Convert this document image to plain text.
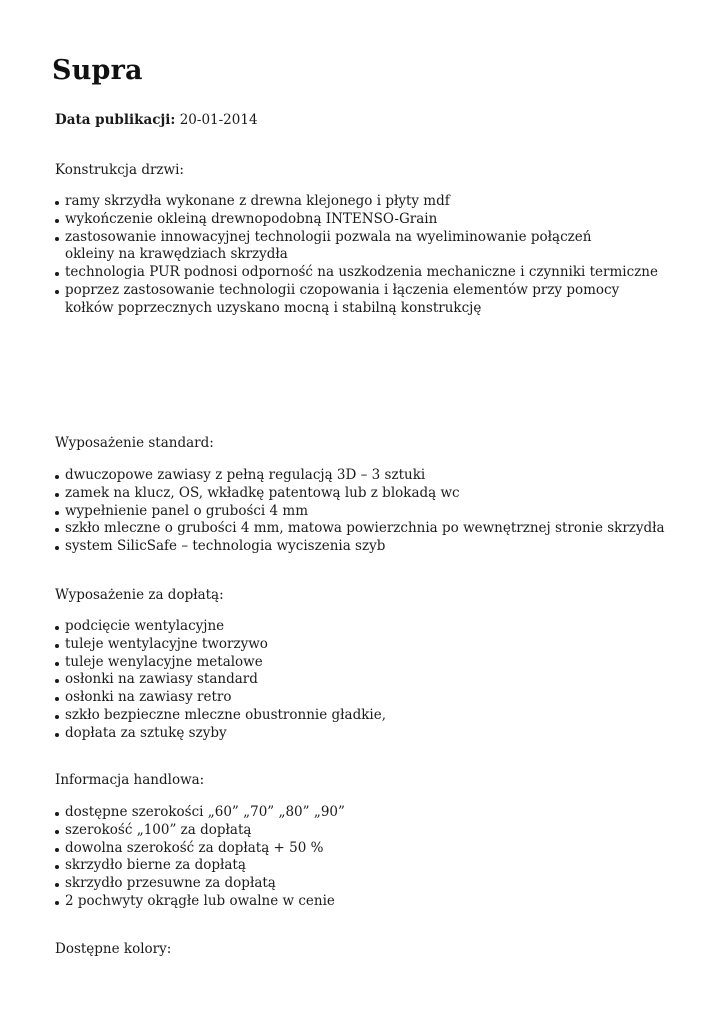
Supra
Data publikacji: 20-01-2014
Konstrukcja drzwi:
ramy skrzydła wykonane z drewna klejonego i płyty mdf
wykończenie okleiną drewnopodobną INTENSO-Grain
zastosowanie innowacyjnej technologii pozwala na wyeliminowanie połączeń okleiny na krawędziach skrzydła
technologia PUR podnosi odporność na uszkodzenia mechaniczne i czynniki termiczne
poprzez zastosowanie technologii czopowania i łączenia elementów przy pomocy kołków poprzecznych uzyskano mocną i stabilną konstrukcję
Wyposażenie standard:
dwuczopowe zawiasy z pełną regulacją 3D – 3 sztuki
zamek na klucz, OS, wkładkę patentową lub z blokadą wc
wypełnienie panel o grubości 4 mm
szkło mleczne o grubości 4 mm, matowa powierzchnia po wewnętrznej stronie skrzydła
system SilicSafe – technologia wyciszenia szyb
Wyposażenie za dopłatą:
podcięcie wentylacyjne
tuleje wentylacyjne tworzywo
tuleje wenylacyjne metalowe
osłonki na zawiasy standard
osłonki na zawiasy retro
szkło bezpieczne mleczne obustronnie gładkie,
dopłata za sztukę szyby
Informacja handlowa:
dostępne szerokości „60” „70” „80” „90”
szerokość „100” za dopłatą
dowolna szerokość za dopłatą + 50 %
skrzydło bierne za dopłatą
skrzydło przesuwne za dopłatą
2 pochwyty okrągłe lub owalne w cenie
Dostępne kolory:
